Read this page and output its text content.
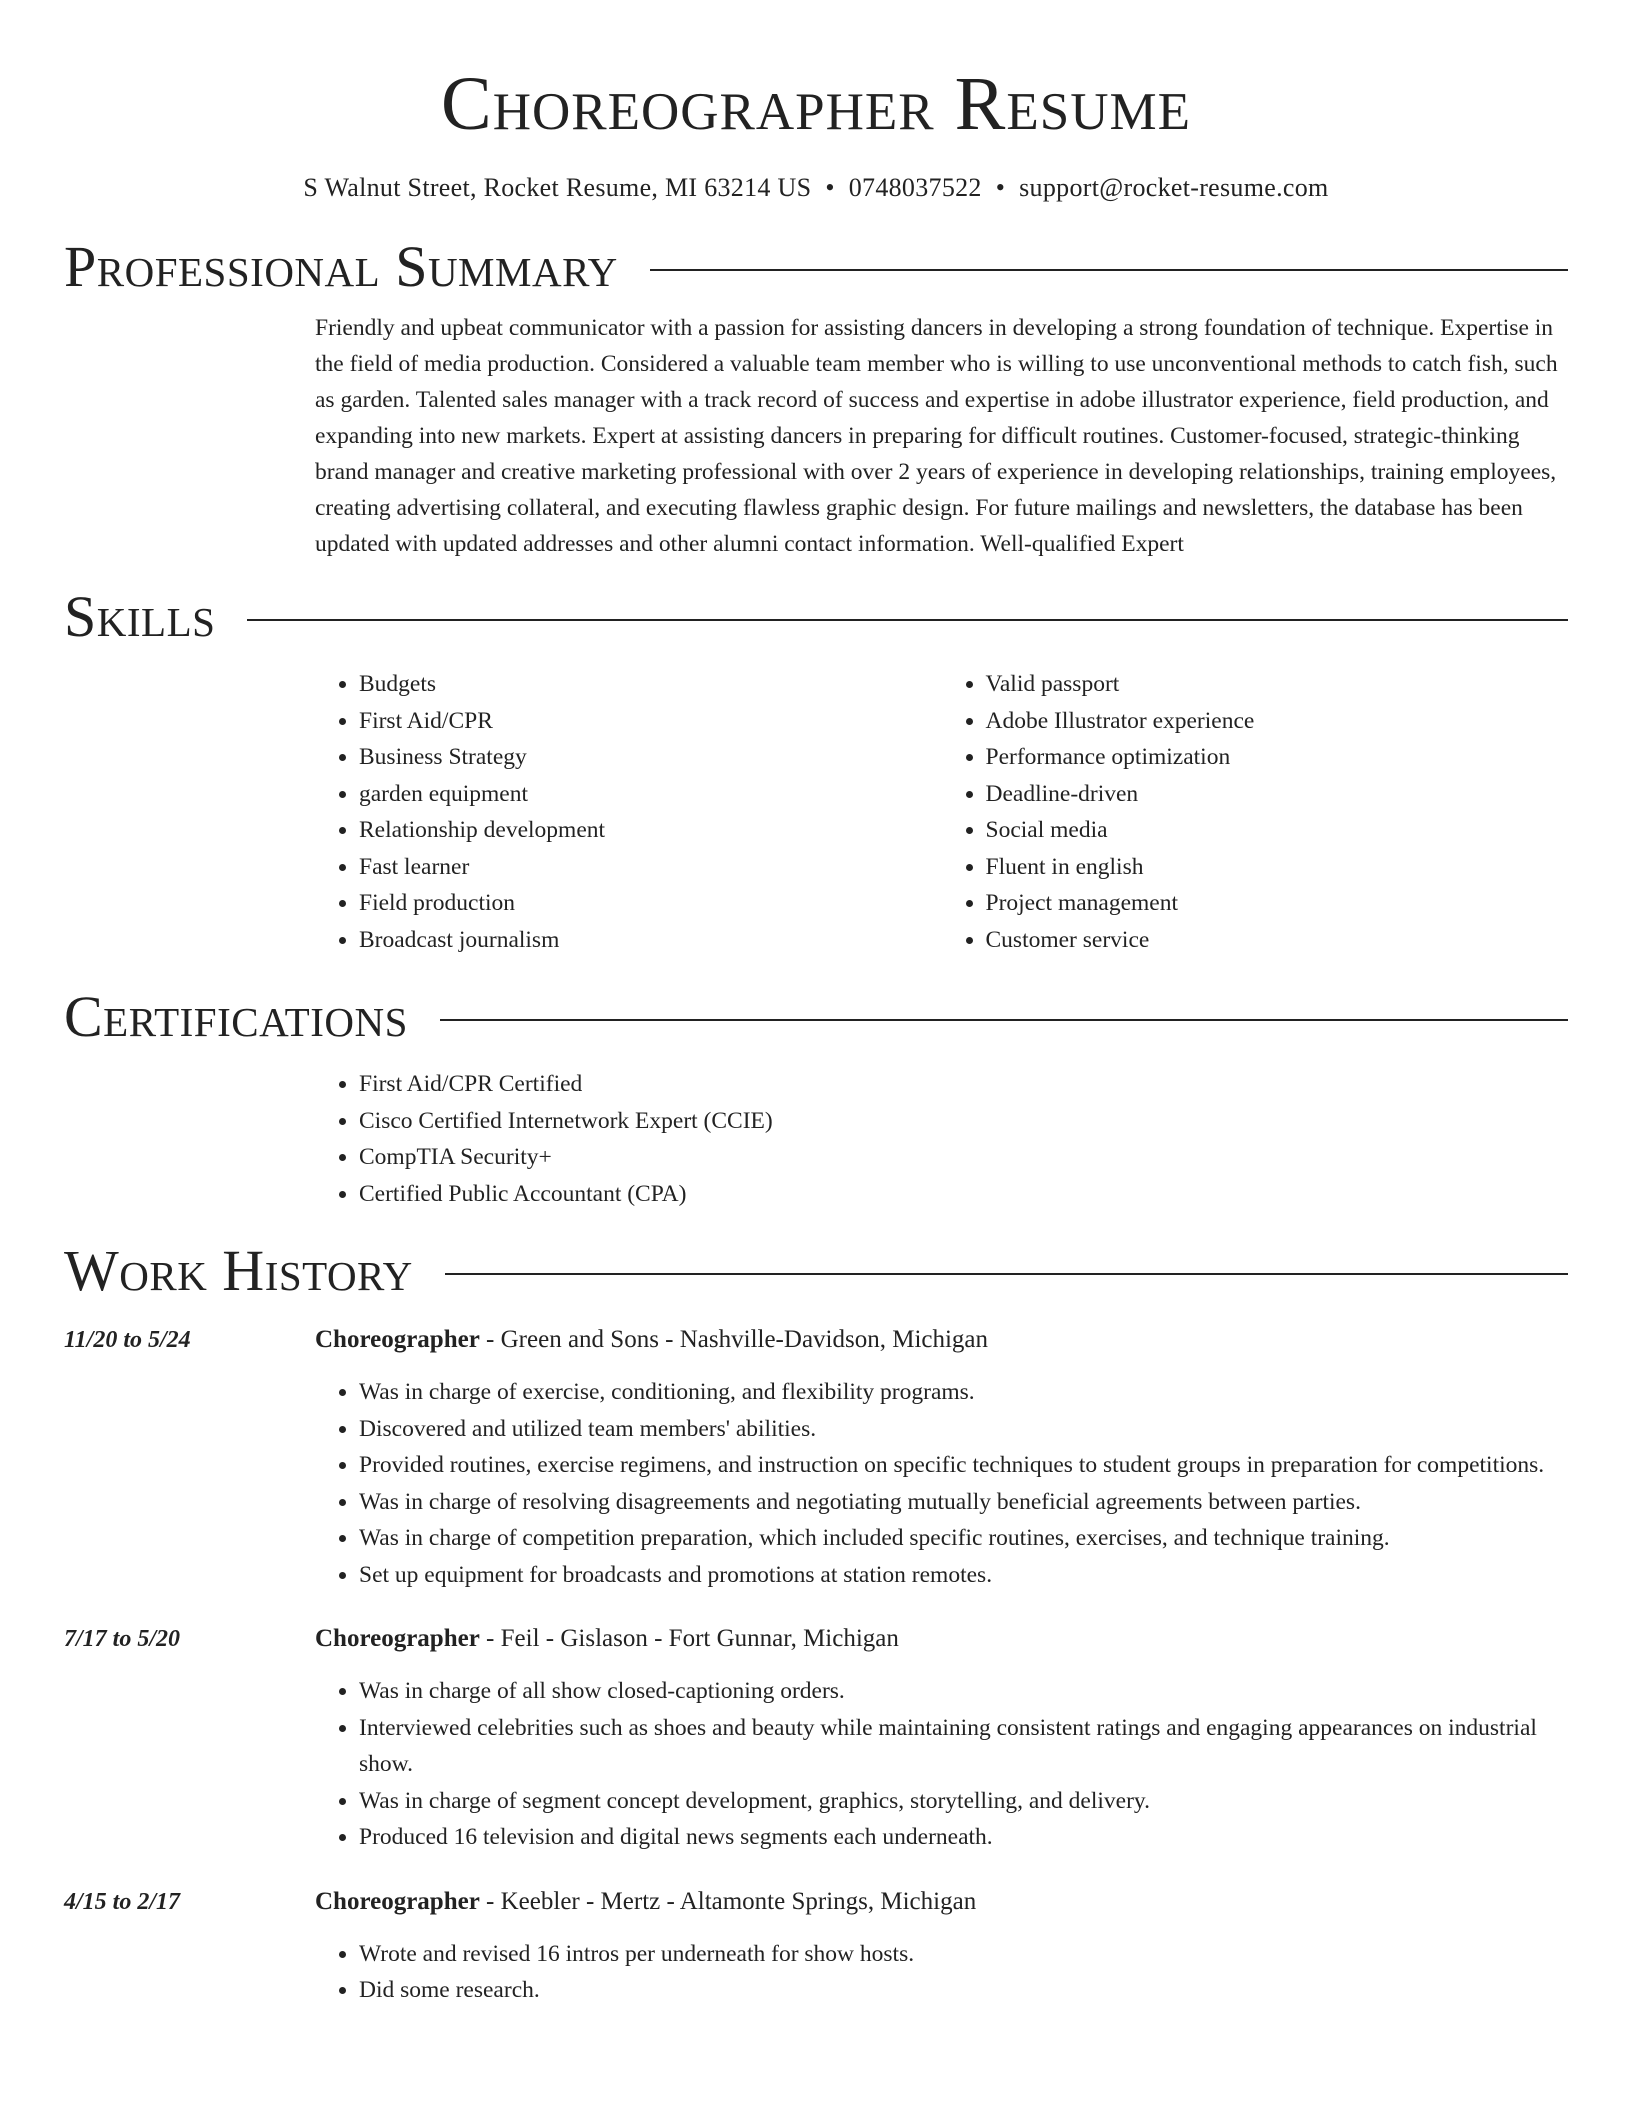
Choreographer Resume
S Walnut Street, Rocket Resume, MI 63214 US • 0748037522 • support@rocket-resume.com
Professional Summary

Friendly and upbeat communicator with a passion for assisting dancers in developing a strong foundation of technique. Expertise in the field of media production. Considered a valuable team member who is willing to use unconventional methods to catch fish, such as garden. Talented sales manager with a track record of success and expertise in adobe illustrator experience, field production, and expanding into new markets. Expert at assisting dancers in preparing for difficult routines. Customer-focused, strategic-thinking brand manager and creative marketing professional with over 2 years of experience in developing relationships, training employees, creating advertising collateral, and executing flawless graphic design. For future mailings and newsletters, the database has been updated with updated addresses and other alumni contact information. Well-qualified Expert

Skills
• Budgets
• First Aid/CPR
• Business Strategy
• garden equipment
• Relationship development
• Fast learner
• Field production
• Broadcast journalism
• Valid passport
• Adobe Illustrator experience
• Performance optimization
• Deadline-driven
• Social media
• Fluent in english
• Project management
• Customer service
Certifications
• First Aid/CPR Certified
• Cisco Certified Internetwork Expert (CCIE)
• CompTIA Security+
• Certified Public Accountant (CPA)
Work History
11/20 to 5/24	Choreographer - Green and Sons - Nashville-Davidson, Michigan
• Was in charge of exercise, conditioning, and flexibility programs.
• Discovered and utilized team members' abilities.
• Provided routines, exercise regimens, and instruction on specific techniques to student groups in preparation for competitions.
• Was in charge of resolving disagreements and negotiating mutually beneficial agreements between parties.
• Was in charge of competition preparation, which included specific routines, exercises, and technique training.
• Set up equipment for broadcasts and promotions at station remotes.
7/17 to 5/20	Choreographer - Feil - Gislason - Fort Gunnar, Michigan
• Was in charge of all show closed-captioning orders.
• Interviewed celebrities such as shoes and beauty while maintaining consistent ratings and engaging appearances on industrial show.
• Was in charge of segment concept development, graphics, storytelling, and delivery.
• Produced 16 television and digital news segments each underneath.
4/15 to 2/17	Choreographer - Keebler - Mertz - Altamonte Springs, Michigan
• Wrote and revised 16 intros per underneath for show hosts.
• Did some research.
